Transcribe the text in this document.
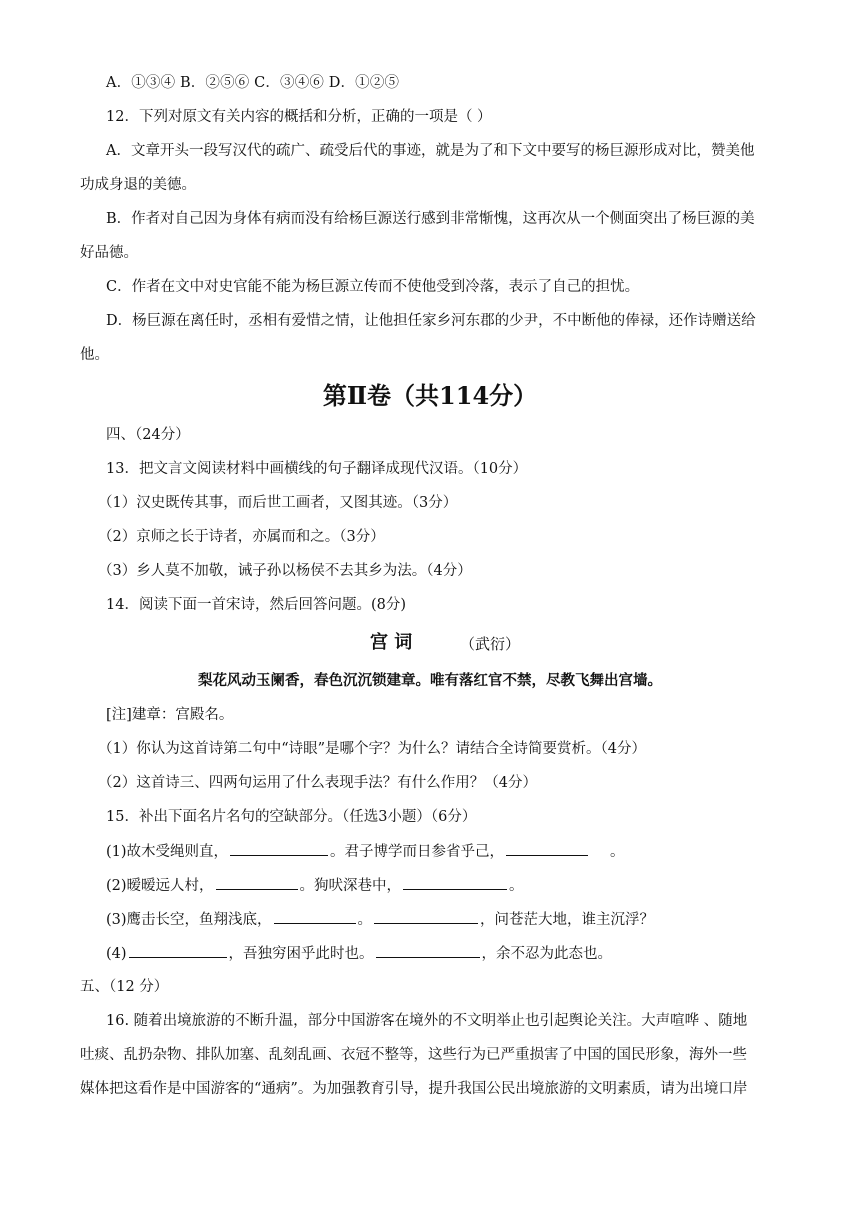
A．①③④ B．②⑤⑥ C．③④⑥ D．①②⑤
12．下列对原文有关内容的概括和分析，正确的一项是（ ）
A．文章开头一段写汉代的疏广、疏受后代的事迹，就是为了和下文中要写的杨巨源形成对比，赞美他
功成身退的美德。
B．作者对自己因为身体有病而没有给杨巨源送行感到非常惭愧，这再次从一个侧面突出了杨巨源的美
好品德。
C．作者在文中对史官能不能为杨巨源立传而不使他受到冷落，表示了自己的担忧。
D．杨巨源在离任时，丞相有爱惜之情，让他担任家乡河东郡的少尹，不中断他的俸禄，还作诗赠送给
他。
第Ⅱ卷（共114分）
四、（24分）
13．把文言文阅读材料中画横线的句子翻译成现代汉语。（10分）
（1）汉史既传其事，而后世工画者，又图其迹。（3分）
（2）京师之长于诗者，亦属而和之。（3分）
（3）乡人莫不加敬，诫子孙以杨侯不去其乡为法。（4分）
14．阅读下面一首宋诗，然后回答问题。(8分)
宫 词	（武衍）
梨花风动玉阑香，春色沉沉锁建章。唯有落红官不禁，尽教飞舞出宫墙。
[注]建章：宫殿名。
（1）你认为这首诗第二句中“诗眼”是哪个字？为什么？请结合全诗简要赏析。（4分）
（2）这首诗三、四两句运用了什么表现手法？有什么作用？（4分）
15．补出下面名片名句的空缺部分。（任选3小题）（6分）
(1)故木受绳则直，	。君子博学而日参省乎己，	。
(2)暧暧远人村，	。狗吠深巷中，	。
(3)鹰击长空，鱼翔浅底，	。	，问苍茫大地，谁主沉浮？
(4)	，吾独穷困乎此时也。	，余不忍为此态也。
五、（12 分）
16. 随着出境旅游的不断升温，部分中国游客在境外的不文明举止也引起舆论关注。大声喧哗 、随地
吐痰、乱扔杂物、排队加塞、乱刻乱画、衣冠不整等，这些行为已严重损害了中国的国民形象，海外一些
媒体把这看作是中国游客的“通病”。为加强教育引导，提升我国公民出境旅游的文明素质，请为出境口岸
